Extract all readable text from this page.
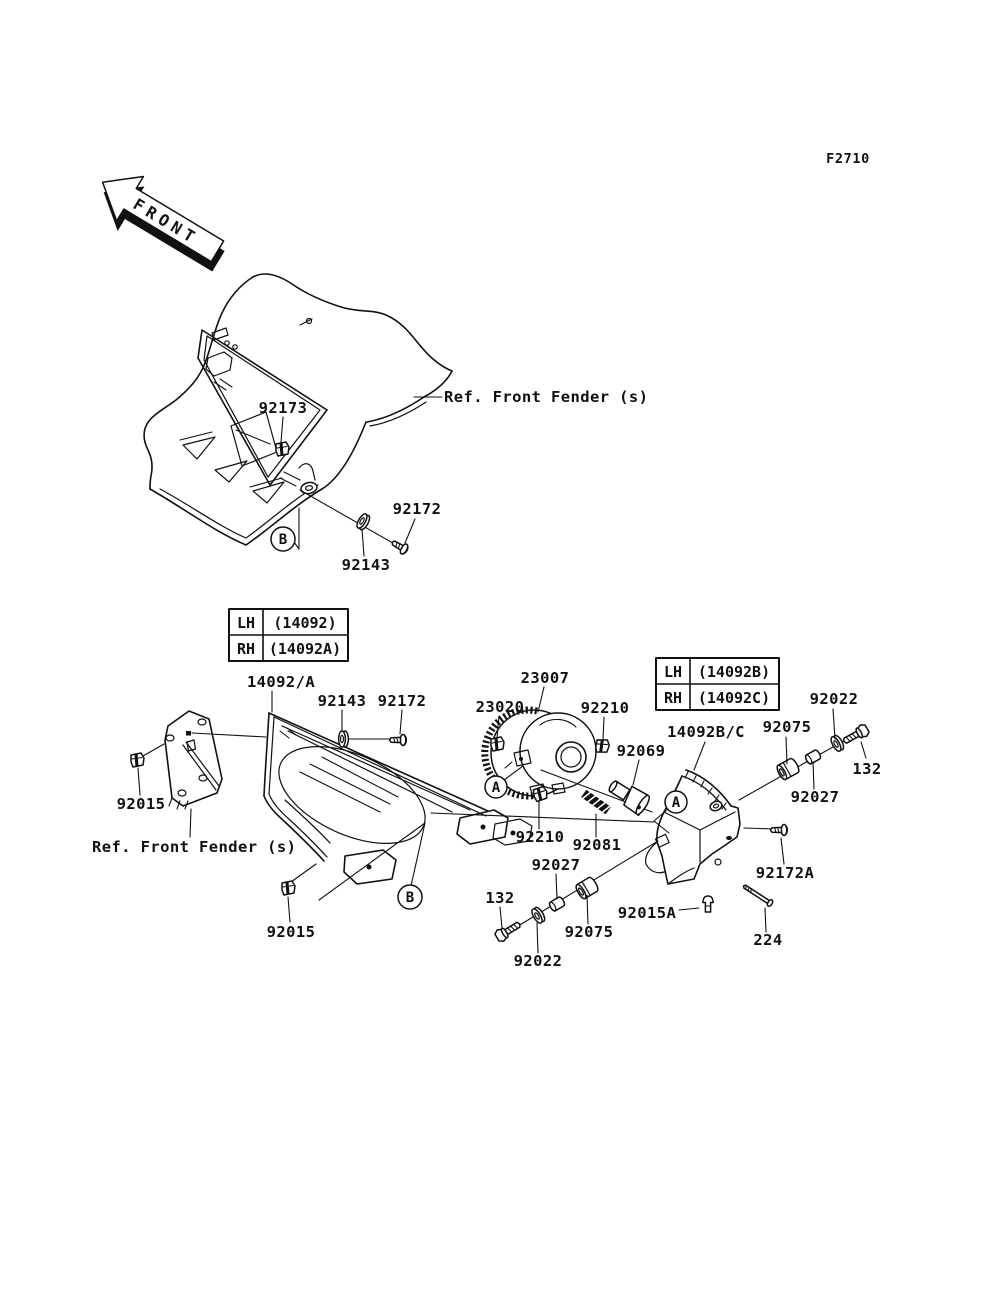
F2710
FRONT
B
92173
Ref. Front Fender (s)
92172
92143
LH (14092)
RH (14092A)
LH (14092B)
RH (14092C)
92015
Ref. Front Fender (s)
B
92015
14092/A
92143 92172
A
23007
23020	92210
92069
92210 92081
A
14092B/C
92022
92075
132
92027
92172A
224
92015A
92027
132
92075
92022
